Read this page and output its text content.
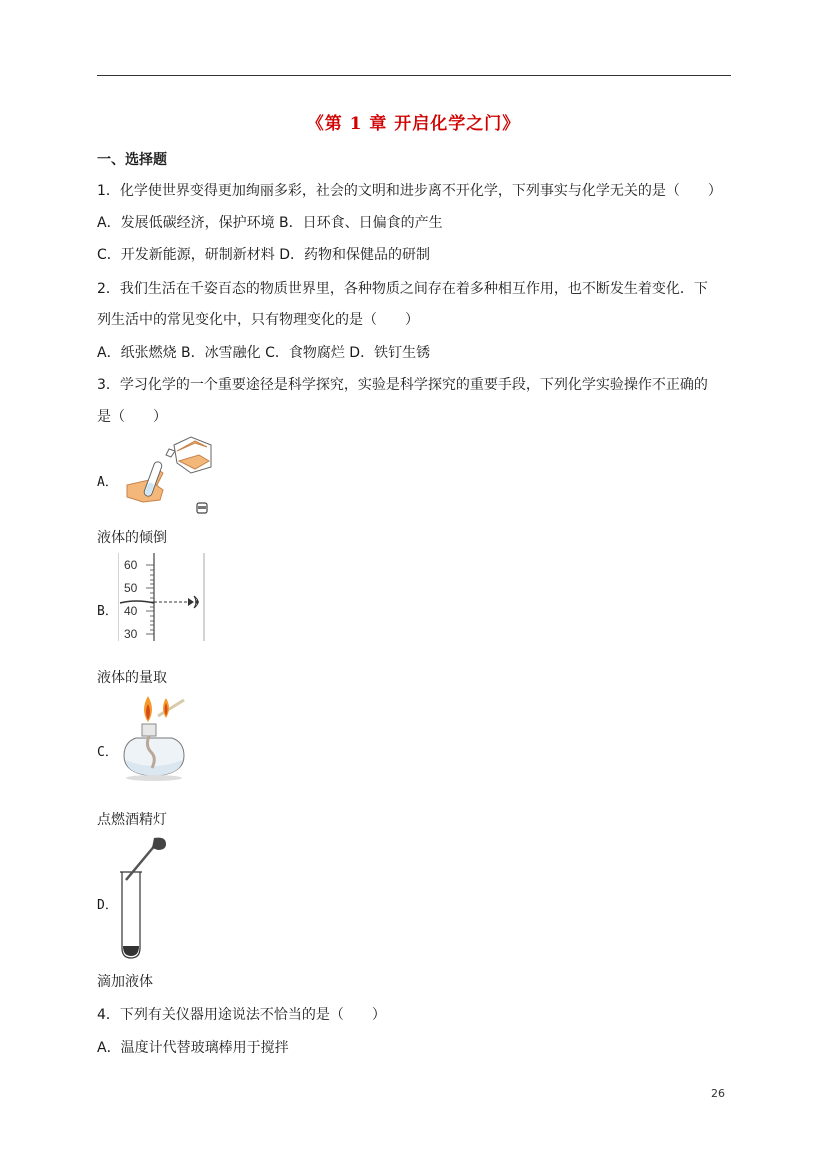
《第 1 章 开启化学之门》
一、选择题
1．化学使世界变得更加绚丽多彩，社会的文明和进步离不开化学，下列事实与化学无关的是（　　）
A．发展低碳经济，保护环境 B．日环食、日偏食的产生
C．开发新能源，研制新材料 D．药物和保健品的研制
2．我们生活在千姿百态的物质世界里，各种物质之间存在着多种相互作用，也不断发生着变化．下
列生活中的常见变化中，只有物理变化的是（　　）
A．纸张燃烧 B．冰雪融化 C．食物腐烂 D．铁钉生锈
3．学习化学的一个重要途径是科学探究，实验是科学探究的重要手段，下列化学实验操作不正确的
是（　　）
A．
液体的倾倒
B．
60
50
40
30
液体的量取
C．
点燃酒精灯
D．
滴加液体
4．下列有关仪器用途说法不恰当的是（　　）
A．温度计代替玻璃棒用于搅拌
26
